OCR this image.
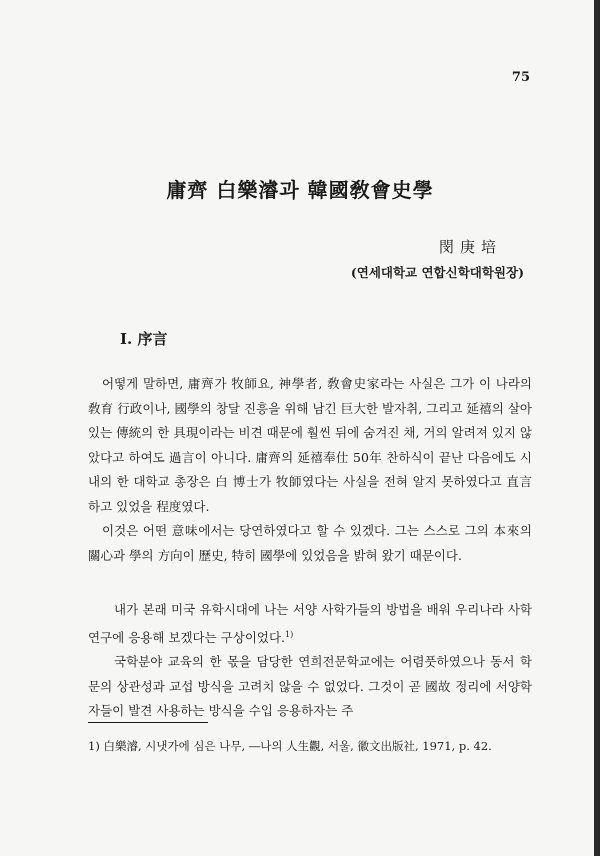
75
庸齊 白樂濬과 韓國敎會史學
閔庚培
(연세대학교 연합신학대학원장)
Ⅰ. 序言

어떻게 말하면, 庸齊가 牧師요, 神學者, 敎會史家라는 사실은 그가 이 나라의 敎育 行政이나, 國學의 창달 진흥을 위해 남긴 巨大한 발자취, 그리고 延禧의 살아있는 傳統의 한 具現이라는 비견 때문에 훨씬 뒤에 숨겨진 채, 거의 알려져 있지 않았다고 하여도 過言이 아니다. 庸齊의 延禧奉仕 50年 찬하식이 끝난 다음에도 시내의 한 대학교 총장은 白 博士가 牧師였다는 사실을 전혀 알지 못하였다고 直言하고 있었을 程度였다.

이것은 어떤 意味에서는 당연하였다고 할 수 있겠다. 그는 스스로 그의 本來의 關心과 學의 方向이 歷史, 特히 國學에 있었음을 밝혀 왔기 때문이다.

내가 본래 미국 유학시대에 나는 서양 사학가들의 방법을 배워 우리나라 사학연구에 응용해 보겠다는 구상이었다.$^{1)}$

국학분야 교육의 한 몫을 담당한 연희전문학교에는 어렴풋하였으나 동서 학문의 상관성과 교섭 방식을 고려치 않을 수 없었다. 그것이 곧 國故 정리에 서양학자들이 발견 사용하는 방식을 수입 응용하자는 주

1) 白樂濬, 시냇가에 심은 나무, ―나의 人生觀, 서울, 徽文出版社, 1971, p. 42.
